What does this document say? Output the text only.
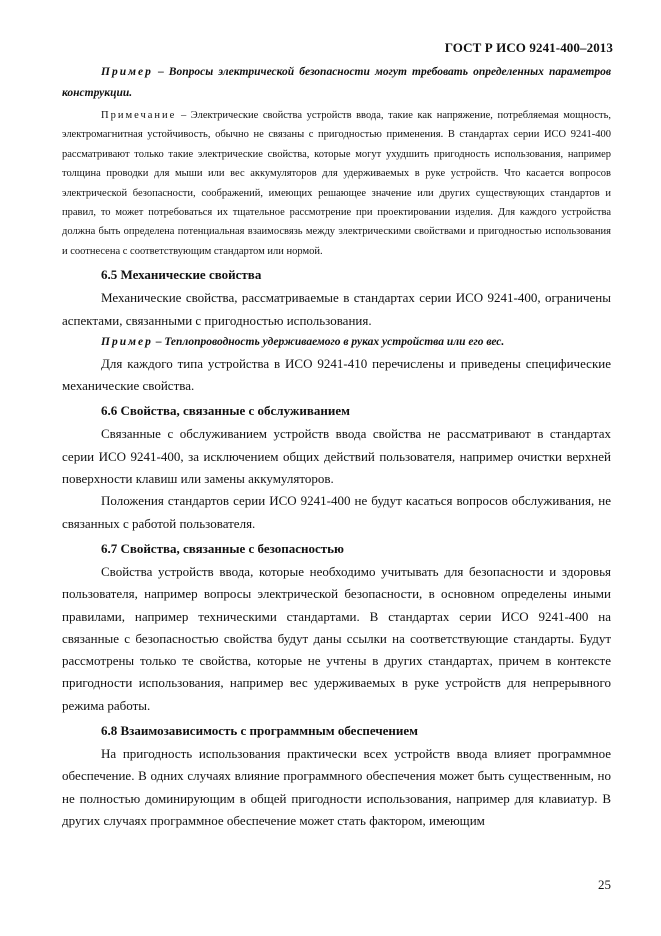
ГОСТ Р ИСО 9241-400–2013

Пример – Вопросы электрической безопасности могут требовать определенных параметров конструкции.

Примечание – Электрические свойства устройств ввода, такие как напряжение, потребляемая мощность, электромагнитная устойчивость, обычно не связаны с пригодностью применения. В стандартах серии ИСО 9241-400 рассматривают только такие электрические свойства, которые могут ухудшить пригодность использования, например толщина проводки для мыши или вес аккумуляторов для удерживаемых в руке устройств. Что касается вопросов электрической безопасности, соображений, имеющих решающее значение или других существующих стандартов и правил, то может потребоваться их тщательное рассмотрение при проектировании изделия. Для каждого устройства должна быть определена потенциальная взаимосвязь между электрическими свойствами и пригодностью использования и соотнесена с соответствующим стандартом или нормой.

6.5 Механические свойства

Механические свойства, рассматриваемые в стандартах серии ИСО 9241-400, ограничены аспектами, связанными с пригодностью использования.

Пример – Теплопроводность удерживаемого в руках устройства или его вес.

Для каждого типа устройства в ИСО 9241-410 перечислены и приведены специфические механические свойства.

6.6 Свойства, связанные с обслуживанием

Связанные с обслуживанием устройств ввода свойства не рассматривают в стандартах серии ИСО 9241-400, за исключением общих действий пользователя, например очистки верхней поверхности клавиш или замены аккумуляторов.

Положения стандартов серии ИСО 9241-400 не будут касаться вопросов обслуживания, не связанных с работой пользователя.

6.7 Свойства, связанные с безопасностью

Свойства устройств ввода, которые необходимо учитывать для безопасности и здоровья пользователя, например вопросы электрической безопасности, в основном определены иными правилами, например техническими стандартами. В стандартах серии ИСО 9241-400 на связанные с безопасностью свойства будут даны ссылки на соответствующие стандарты. Будут рассмотрены только те свойства, которые не учтены в других стандартах, причем в контексте пригодности использования, например вес удерживаемых в руке устройств для непрерывного режима работы.

6.8 Взаимозависимость с программным обеспечением

На пригодность использования практически всех устройств ввода влияет программное обеспечение. В одних случаях влияние программного обеспечения может быть существенным, но не полностью доминирующим в общей пригодности использования, например для клавиатур. В других случаях программное обеспечение может стать фактором, имеющим

25
